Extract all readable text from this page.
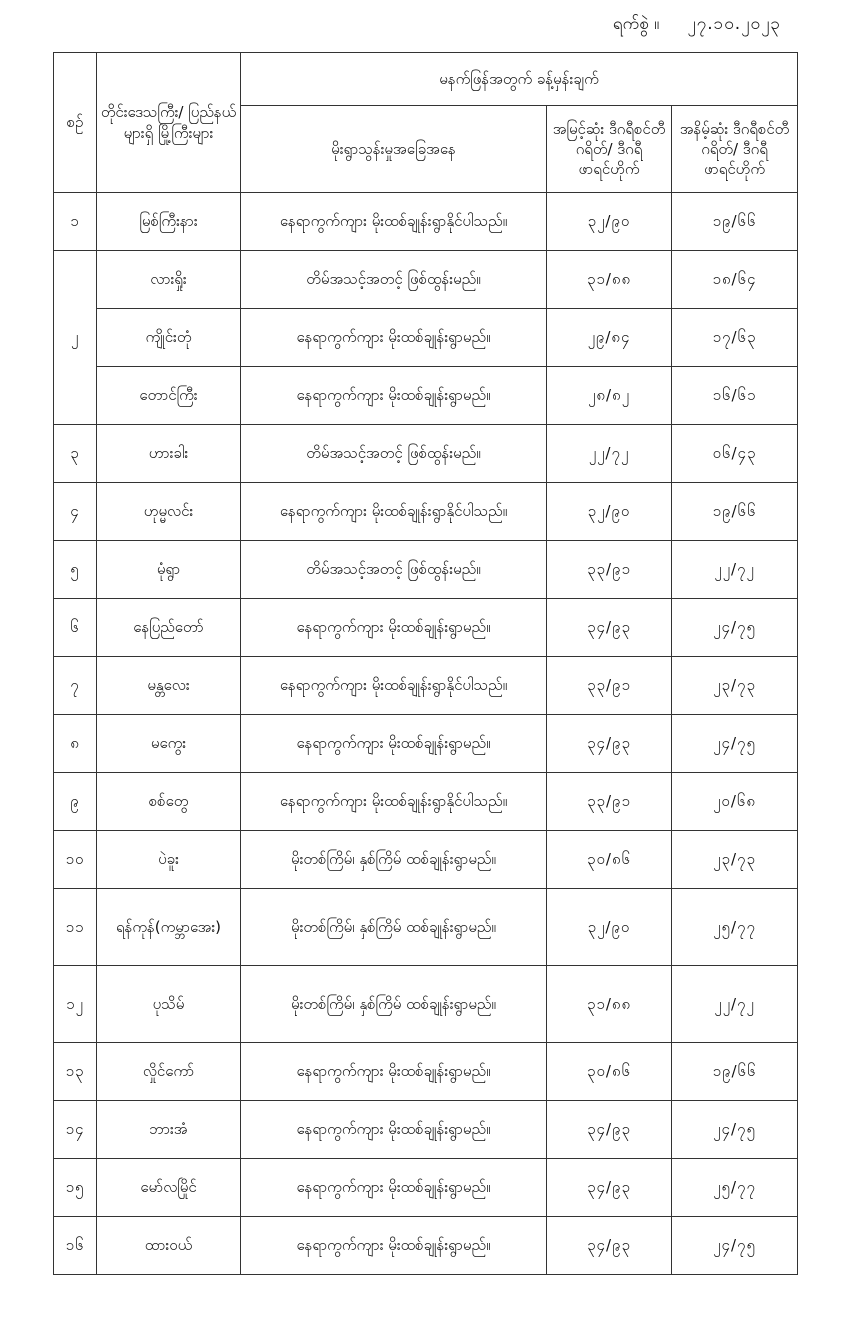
ရက်စွဲ ။ ၂၇.၁၀.၂၀၂၃
စဉ်	တိုင်းဒေသကြီး/ ပြည်နယ်များရှိ မြို့ကြီးများ	မနက်ဖြန်အတွက် ခန့်မှန်းချက်		
		မိုးရွာသွန်းမှုအခြေအနေ	အမြင့်ဆုံး ဒီဂရီစင်တီဂရိတ်/ ဒီဂရီဖာရင်ဟိုက်	အနိမ့်ဆုံး ဒီဂရီစင်တီဂရိတ်/ ဒီဂရီဖာရင်ဟိုက်
၁	မြစ်ကြီးနား	နေရာကွက်ကျား မိုးထစ်ချုန်းရွာနိုင်ပါသည်။	၃၂/၉၀	၁၉/၆၆
၂	လားရှိုး	တိမ်အသင့်အတင့် ဖြစ်ထွန်းမည်။	၃၁/၈၈	၁၈/၆၄
	ကျိုင်းတုံ	နေရာကွက်ကျား မိုးထစ်ချုန်းရွာမည်။	၂၉/၈၄	၁၇/၆၃
	တောင်ကြီး	နေရာကွက်ကျား မိုးထစ်ချုန်းရွာမည်။	၂၈/၈၂	၁၆/၆၁
၃	ဟားခါး	တိမ်အသင့်အတင့် ဖြစ်ထွန်းမည်။	၂၂/၇၂	၀၆/၄၃
၄	ဟုမ္မလင်း	နေရာကွက်ကျား မိုးထစ်ချုန်းရွာနိုင်ပါသည်။	၃၂/၉၀	၁၉/၆၆
၅	မုံရွာ	တိမ်အသင့်အတင့် ဖြစ်ထွန်းမည်။	၃၃/၉၁	၂၂/၇၂
၆	နေပြည်တော်	နေရာကွက်ကျား မိုးထစ်ချုန်းရွာမည်။	၃၄/၉၃	၂၄/၇၅
၇	မန္တလေး	နေရာကွက်ကျား မိုးထစ်ချုန်းရွာနိုင်ပါသည်။	၃၃/၉၁	၂၃/၇၃
၈	မကွေး	နေရာကွက်ကျား မိုးထစ်ချုန်းရွာမည်။	၃၄/၉၃	၂၄/၇၅
၉	စစ်တွေ	နေရာကွက်ကျား မိုးထစ်ချုန်းရွာနိုင်ပါသည်။	၃၃/၉၁	၂၀/၆၈
၁၀	ပဲခူး	မိုးတစ်ကြိမ်၊ နှစ်ကြိမ် ထစ်ချုန်းရွာမည်။	၃၀/၈၆	၂၃/၇၃
၁၁	ရန်ကုန်(ကမ္ဘာအေး)	မိုးတစ်ကြိမ်၊ နှစ်ကြိမ် ထစ်ချုန်းရွာမည်။	၃၂/၉၀	၂၅/၇၇
၁၂	ပုသိမ်	မိုးတစ်ကြိမ်၊ နှစ်ကြိမ် ထစ်ချုန်းရွာမည်။	၃၁/၈၈	၂၂/၇၂
၁၃	လှိုင်ကော်	နေရာကွက်ကျား မိုးထစ်ချုန်းရွာမည်။	၃၀/၈၆	၁၉/၆၆
၁၄	ဘားအံ	နေရာကွက်ကျား မိုးထစ်ချုန်းရွာမည်။	၃၄/၉၃	၂၄/၇၅
၁၅	မော်လမြိုင်	နေရာကွက်ကျား မိုးထစ်ချုန်းရွာမည်။	၃၄/၉၃	၂၅/၇၇
၁၆	ထားဝယ်	နေရာကွက်ကျား မိုးထစ်ချုန်းရွာမည်။	၃၄/၉၃	၂၄/၇၅
